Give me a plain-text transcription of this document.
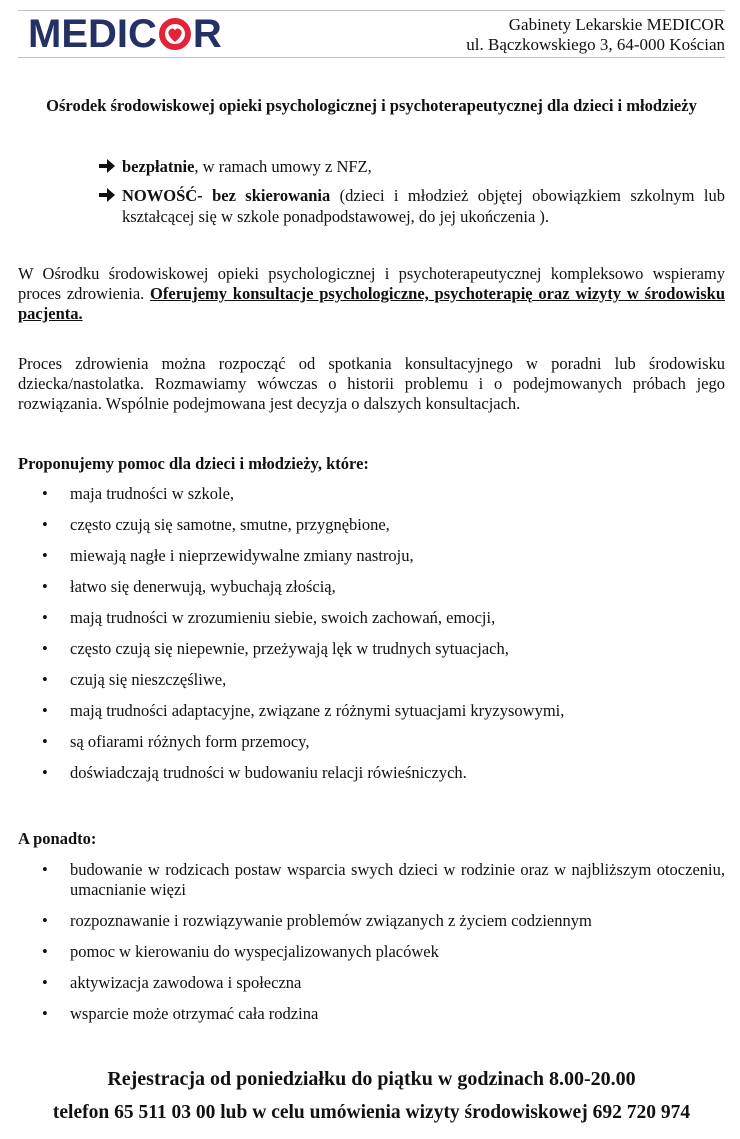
MEDIC R	Gabinety Lekarskie MEDICOR
ul. Bączkowskiego 3, 64-000 Kościan
Ośrodek środowiskowej opieki psychologicznej i psychoterapeutycznej dla dzieci i młodzieży
bezpłatnie, w ramach umowy z NFZ,
NOWOŚĆ- bez skierowania (dzieci i młodzież objętej obowiązkiem szkolnym lub kształcącej się w szkole ponadpodstawowej, do jej ukończenia ).
W Ośrodku środowiskowej opieki psychologicznej i psychoterapeutycznej kompleksowo wspieramy proces zdrowienia. Oferujemy konsultacje psychologiczne, psychoterapię oraz wizyty w środowisku pacjenta.
Proces zdrowienia można rozpocząć od spotkania konsultacyjnego w poradni lub środowisku dziecka/nastolatka. Rozmawiamy wówczas o historii problemu i o podejmowanych próbach jego rozwiązania. Wspólnie podejmowana jest decyzja o dalszych konsultacjach.
Proponujemy pomoc dla dzieci i młodzieży, które:
• maja trudności w szkole,
• często czują się samotne, smutne, przygnębione,
• miewają nagłe i nieprzewidywalne zmiany nastroju,
• łatwo się denerwują, wybuchają złością,
• mają trudności w zrozumieniu siebie, swoich zachowań, emocji,
• często czują się niepewnie, przeżywają lęk w trudnych sytuacjach,
• czują się nieszczęśliwe,
• mają trudności adaptacyjne, związane z różnymi sytuacjami kryzysowymi,
• są ofiarami różnych form przemocy,
• doświadczają trudności w budowaniu relacji rówieśniczych.
A ponadto:
• budowanie w rodzicach postaw wsparcia swych dzieci w rodzinie oraz w najbliższym otoczeniu, umacnianie więzi
• rozpoznawanie i rozwiązywanie problemów związanych z życiem codziennym
• pomoc w kierowaniu do wyspecjalizowanych placówek
• aktywizacja zawodowa i społeczna
• wsparcie może otrzymać cała rodzina
Rejestracja od poniedziałku do piątku w godzinach 8.00-20.00
telefon 65 511 03 00 lub w celu umówienia wizyty środowiskowej 692 720 974
